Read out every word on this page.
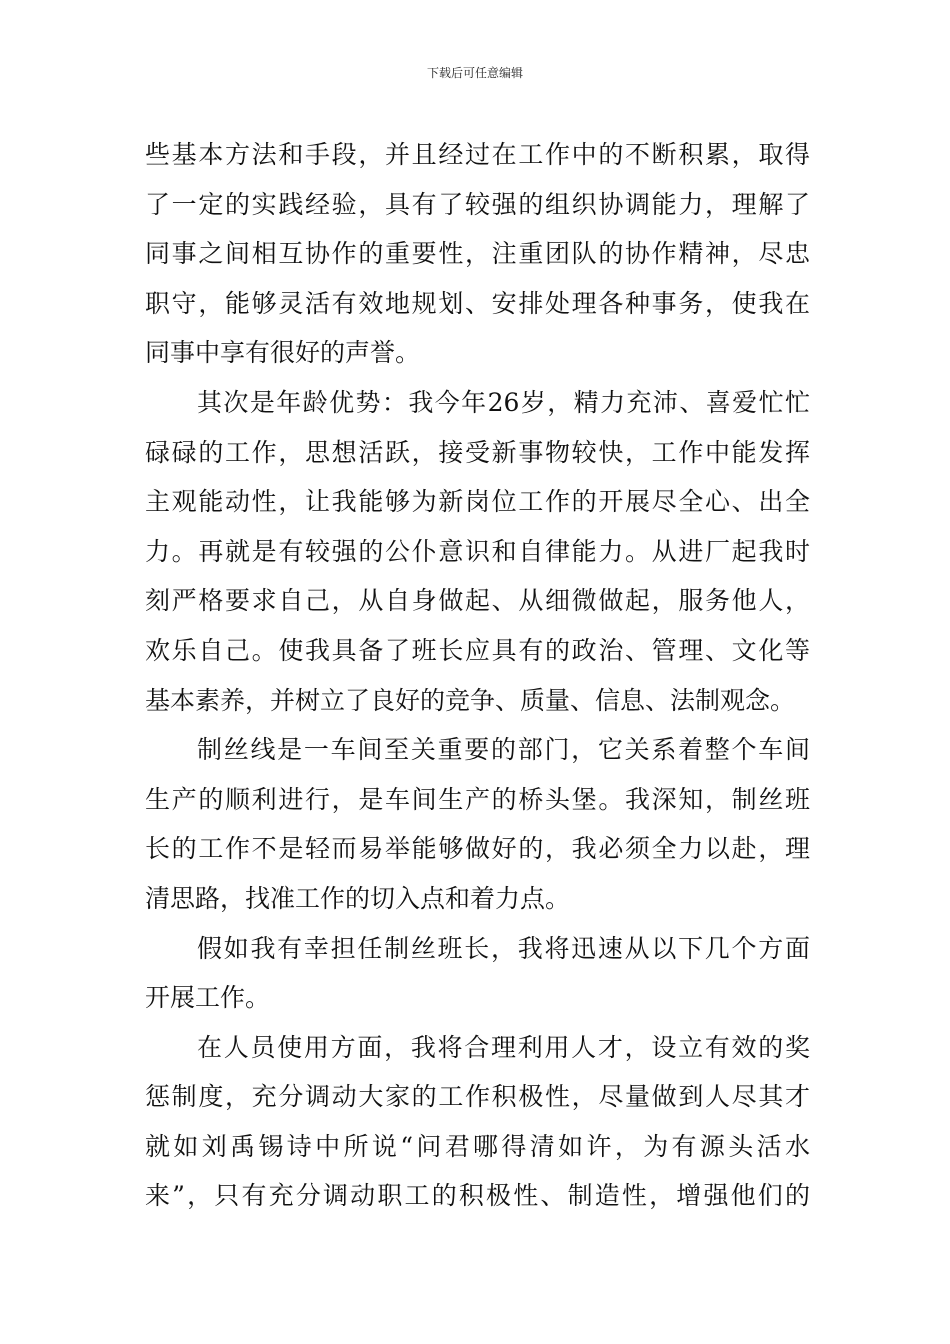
下载后可任意编辑
些基本方法和手段，并且经过在工作中的不断积累，取得
了一定的实践经验，具有了较强的组织协调能力，理解了
同事之间相互协作的重要性，注重团队的协作精神，尽忠
职守，能够灵活有效地规划、安排处理各种事务，使我在
同事中享有很好的声誉。
其次是年龄优势：我今年26岁，精力充沛、喜爱忙忙
碌碌的工作，思想活跃，接受新事物较快，工作中能发挥
主观能动性，让我能够为新岗位工作的开展尽全心、出全
力。再就是有较强的公仆意识和自律能力。从进厂起我时
刻严格要求自己，从自身做起、从细微做起，服务他人，
欢乐自己。使我具备了班长应具有的政治、管理、文化等
基本素养，并树立了良好的竞争、质量、信息、法制观念。
制丝线是一车间至关重要的部门，它关系着整个车间
生产的顺利进行，是车间生产的桥头堡。我深知，制丝班
长的工作不是轻而易举能够做好的，我必须全力以赴，理
清思路，找准工作的切入点和着力点。
假如我有幸担任制丝班长，我将迅速从以下几个方面
开展工作。
在人员使用方面，我将合理利用人才，设立有效的奖
惩制度，充分调动大家的工作积极性，尽量做到人尽其才
就如刘禹锡诗中所说“问君哪得清如许，为有源头活水
来”，只有充分调动职工的积极性、制造性，增强他们的
